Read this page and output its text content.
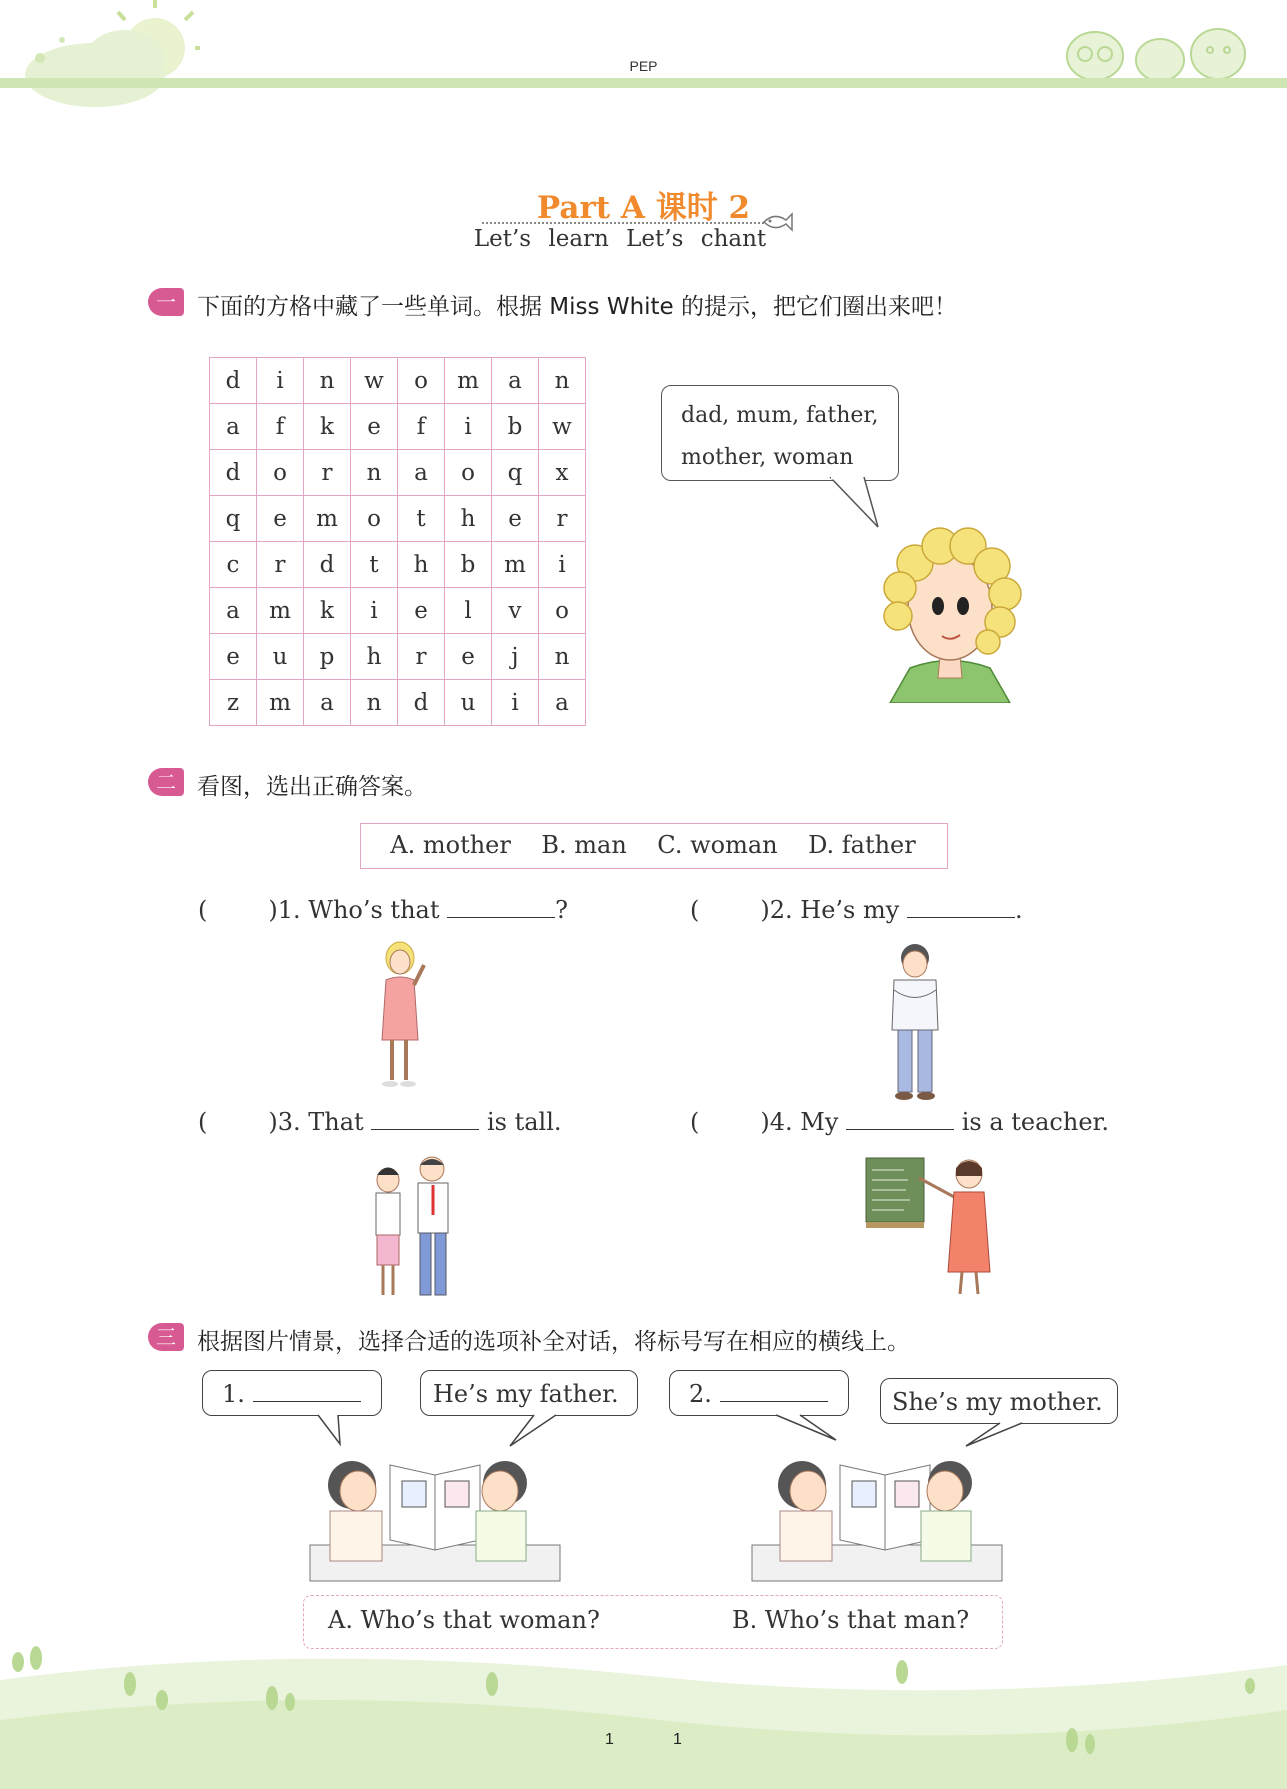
PEP
Part A 课时 2
Let’s learn Let’s chant
一 下面的方格中藏了一些单词。根据 Miss White 的提示，把它们圈出来吧！
d	i	n	w	o	m	a	n
a	f	k	e	f	i	b	w
d	o	r	n	a	o	q	x
q	e	m	o	t	h	e	r
c	r	d	t	h	b	m	i
a	m	k	i	e	l	v	o
e	u	p	h	r	e	j	n
z	m	a	n	d	u	i	a
dad, mum, father,
mother, woman
二 看图，选出正确答案。
A. mother    B. man    C. woman    D. father
(        )1. Who’s that	?	(        )2. He’s my	.
(        )3. That	is tall.	(        )4. My	is a teacher.
三 根据图片情景，选择合适的选项补全对话，将标号写在相应的横线上。
1.	He’s my father.	2.	She’s my mother.
A. Who’s that woman?	B. Who’s that man?
1	1
